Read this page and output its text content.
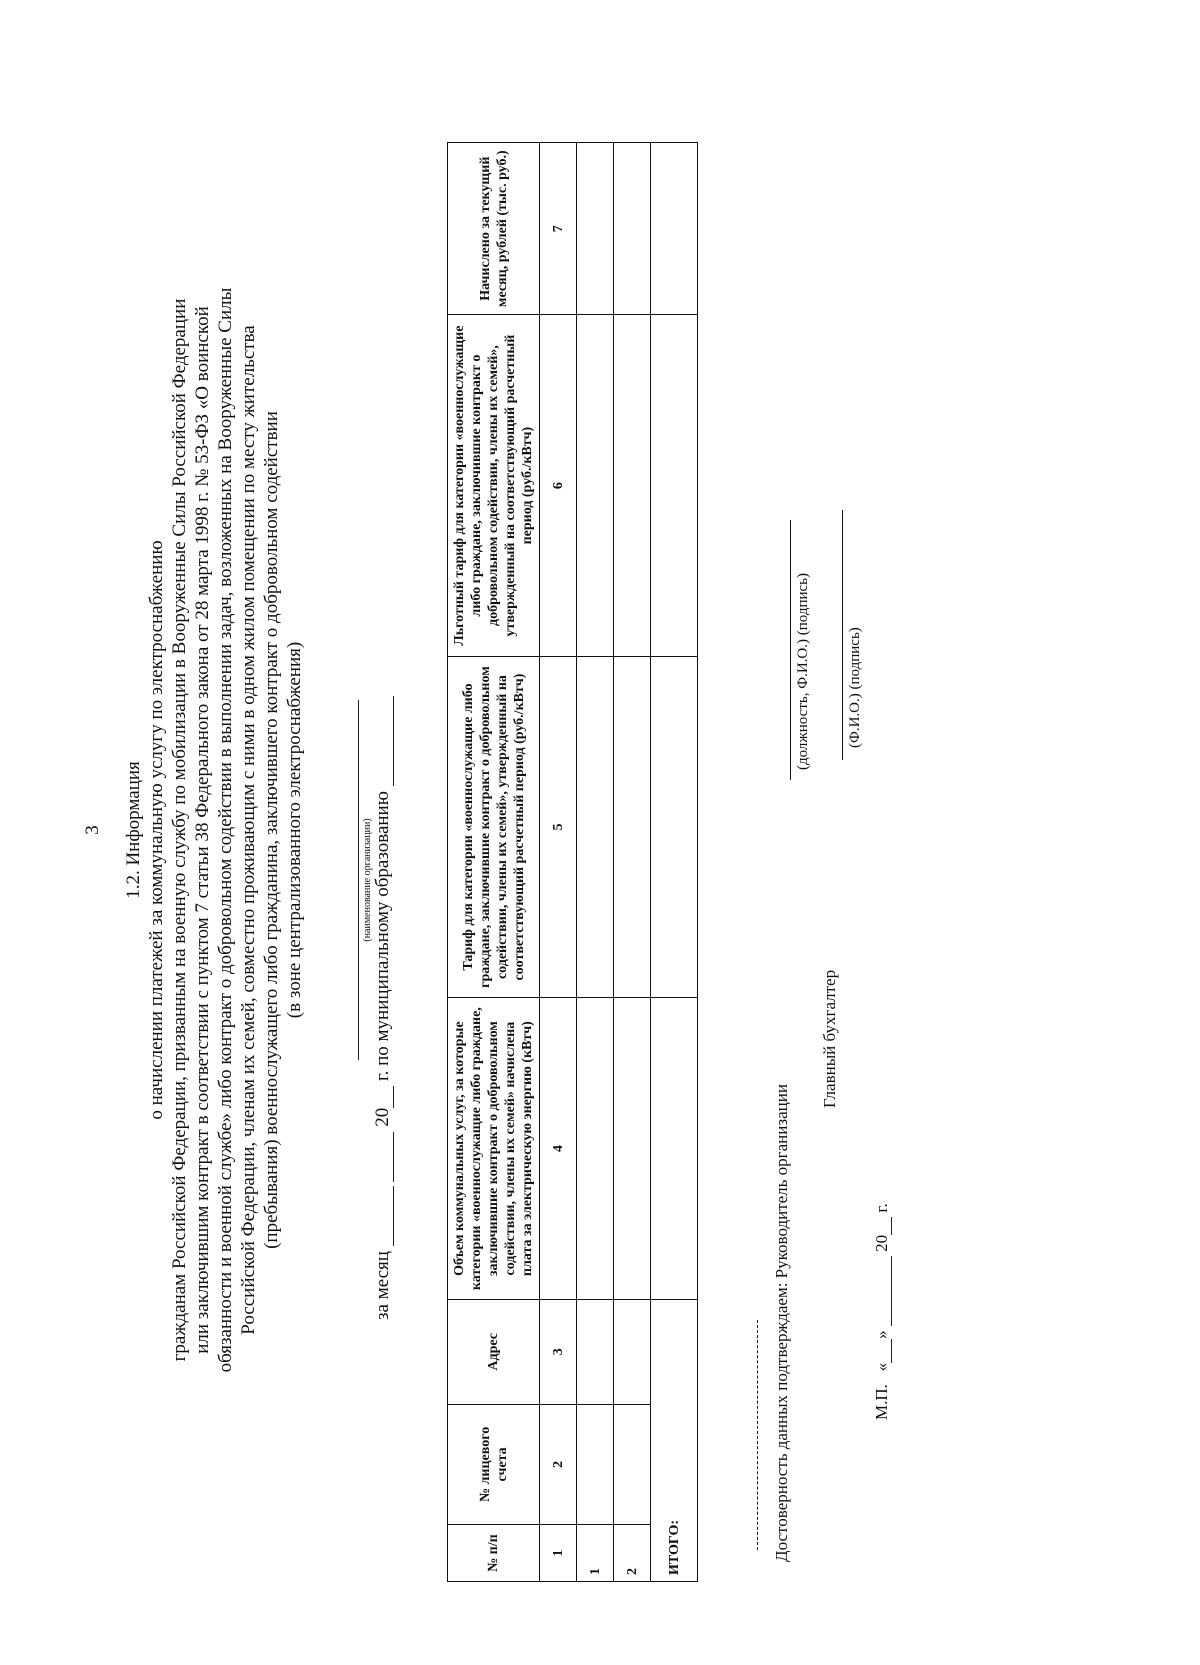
3 1.2. Информация о начислении платежей за коммунальную услугу по электроснабжению гражданам Российской Федерации, призванным на военную службу по мобилизации в Вооруженные Силы Российской Федерации или заключившим контракт в соответствии с пунктом 7 статьи 38 Федерального закона от 28 марта 1998 г. № 53-ФЗ «О воинской обязанности и военной службе» либо контракт о добровольном содействии в выполнении задач, возложенных на Вооруженные Силы Российской Федерации, членам их семей, совместно проживающим с ними в одном жилом помещении по месту жительства (пребывания) военнослужащего либо гражданина, заключившего контракт о добровольном содействии (в зоне централизованного электроснабжения)	(наименование организации)
за месяц   20 г. по муниципальному образованию
№ п/п	№ лицевого счета	Адрес	Объем коммунальных услуг, за которые категории «военнослужащие либо граждане, заключившие контракт о добровольном содействии, члены их семей» начислена плата за электрическую энергию (кВтч)	Тариф для категории «военнослужащие либо граждане, заключившие контракт о добровольном содействии, члены их семей», утвержденный на соответствующий расчетный период (руб./кВтч)	Льготный тариф для категории «военнослужащие либо граждане, заключившие контракт о добровольном содействии, члены их семей», утвержденный на соответствующий расчетный период (руб./кВтч)	Начислено за текущий месяц, рублей (тыс. руб.)
1	2	3	4	5	6	7
1						
2						
ИТОГО:							Достоверность данных подтверждаем: Руководитель организации
(должность, Ф.И.О.) (подпись)
Главный бухгалтер
(Ф.И.О.) (подпись)
М.П.   «»  20 г.
